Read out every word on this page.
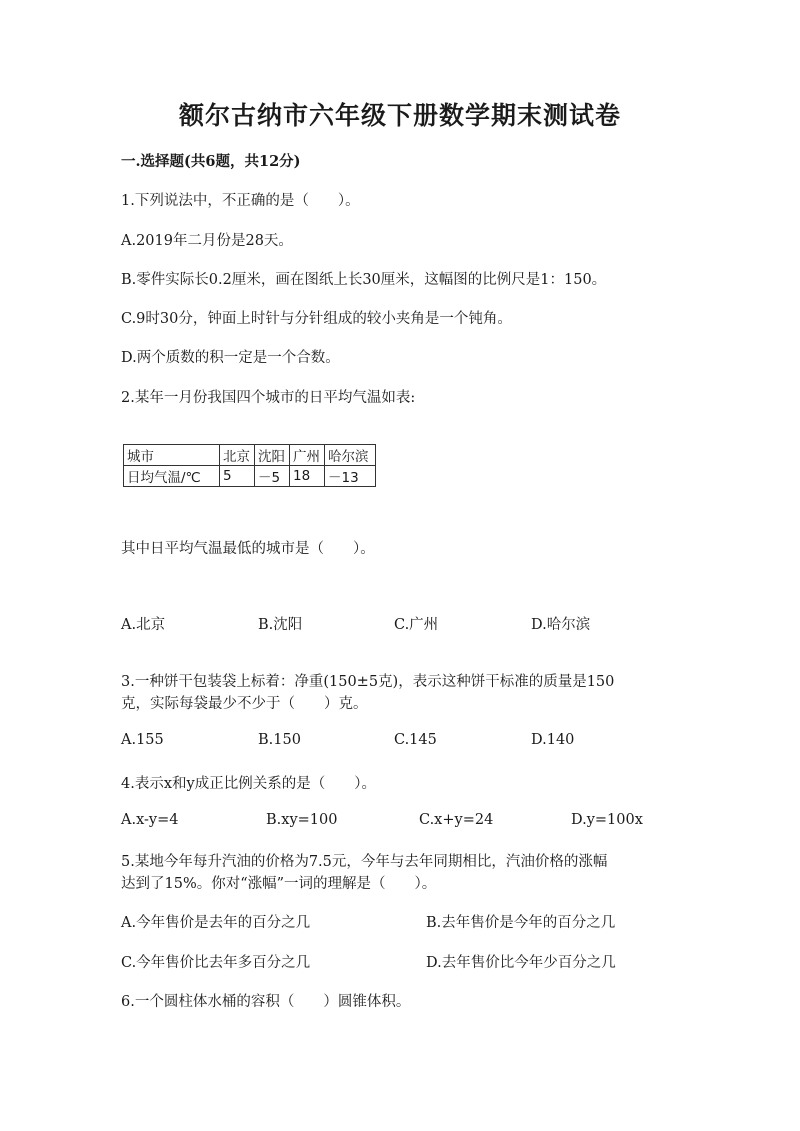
额尔古纳市六年级下册数学期末测试卷
一.选择题(共6题，共12分)
1.下列说法中，不正确的是（　　）。
A.2019年二月份是28天。
B.零件实际长0.2厘米，画在图纸上长30厘米，这幅图的比例尺是1：150。
C.9时30分，钟面上时针与分针组成的较小夹角是一个钝角。
D.两个质数的积一定是一个合数。
2.某年一月份我国四个城市的日平均气温如表:
城市	北京	沈阳	广州	哈尔滨
日均气温/℃	5	－5	18	－13
其中日平均气温最低的城市是（　　）。
A.北京	B.沈阳	C.广州	D.哈尔滨
3.一种饼干包装袋上标着：净重(150±5克)，表示这种饼干标准的质量是150
克，实际每袋最少不少于（　　）克。
A.155	B.150	C.145	D.140
4.表示x和y成正比例关系的是（　　）。
A.x-y=4	B.xy=100	C.x+y=24	D.y=100x
5.某地今年每升汽油的价格为7.5元，今年与去年同期相比，汽油价格的涨幅
达到了15%。你对“涨幅”一词的理解是（　　）。
A.今年售价是去年的百分之几	B.去年售价是今年的百分之几
C.今年售价比去年多百分之几	D.去年售价比今年少百分之几
6.一个圆柱体水桶的容积（　　）圆锥体积。
